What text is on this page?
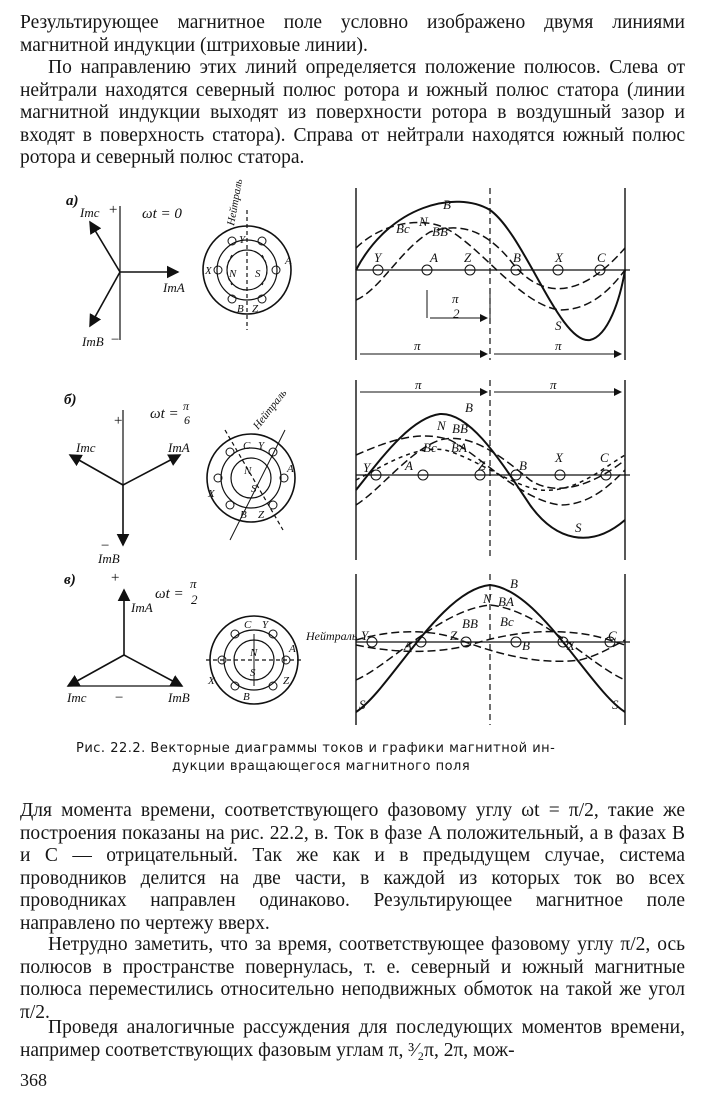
Результирующее магнитное поле условно изображено двумя линиями магнитной индукции (штриховые линии).

По направлению этих линий определяется положение полюсов. Слева от нейтрали находятся северный полюс ротора и южный полюс статора (линии магнитной индукции выходят из поверхности ротора в воздушный зазор и входят в поверхность статора). Справа от нейтрали находятся южный полюс ротора и северный полюс статора.

а)
ωt = 0
Imc +
ImA
ImB −
N S
A
X
Y
B Z
Нейтраль	B
Bc N
BB
Y	A Z	B	X	C
S
π
2
π	π
б)
ωt = π
6
+
Imc	ImA
−
ImB
N
S
C Y
A
X
B Z
Нейтраль
π	π
B
N BB
Bc BA
Y	A	Z	B
X	C
S
в)
ωt =
π
2
+
ImA
Imc −	ImB
N
S
C Y
A
X
B
Z
Нейтраль
B
N BA
BB Bc
Y
A
Z
B	X
C
S	S
Рис. 22.2. Векторные диаграммы токов и графики магнитной ин-
дукции вращающегося магнитного поля

Для момента времени, соответствующего фазовому углу ωt = π/2, такие же построения показаны на рис. 22.2, в. Ток в фазе A положительный, а в фазах B и C — отрицательный. Так же как и в предыдущем случае, система проводников делится на две части, в каждой из которых ток во всех проводниках направлен одинаково. Результирующее магнитное поле направлено по чертежу вверх.

Нетрудно заметить, что за время, соответствующее фазовому углу π/2, ось полюсов в пространстве повернулась, т. е. северный и южный магнитные полюса переместились относительно неподвижных обмоток на такой же угол π/2.

Проведя аналогичные рассуждения для последующих моментов времени, например соответствующих фазовым углам π, ³⁄₂π, 2π, мож-

368
